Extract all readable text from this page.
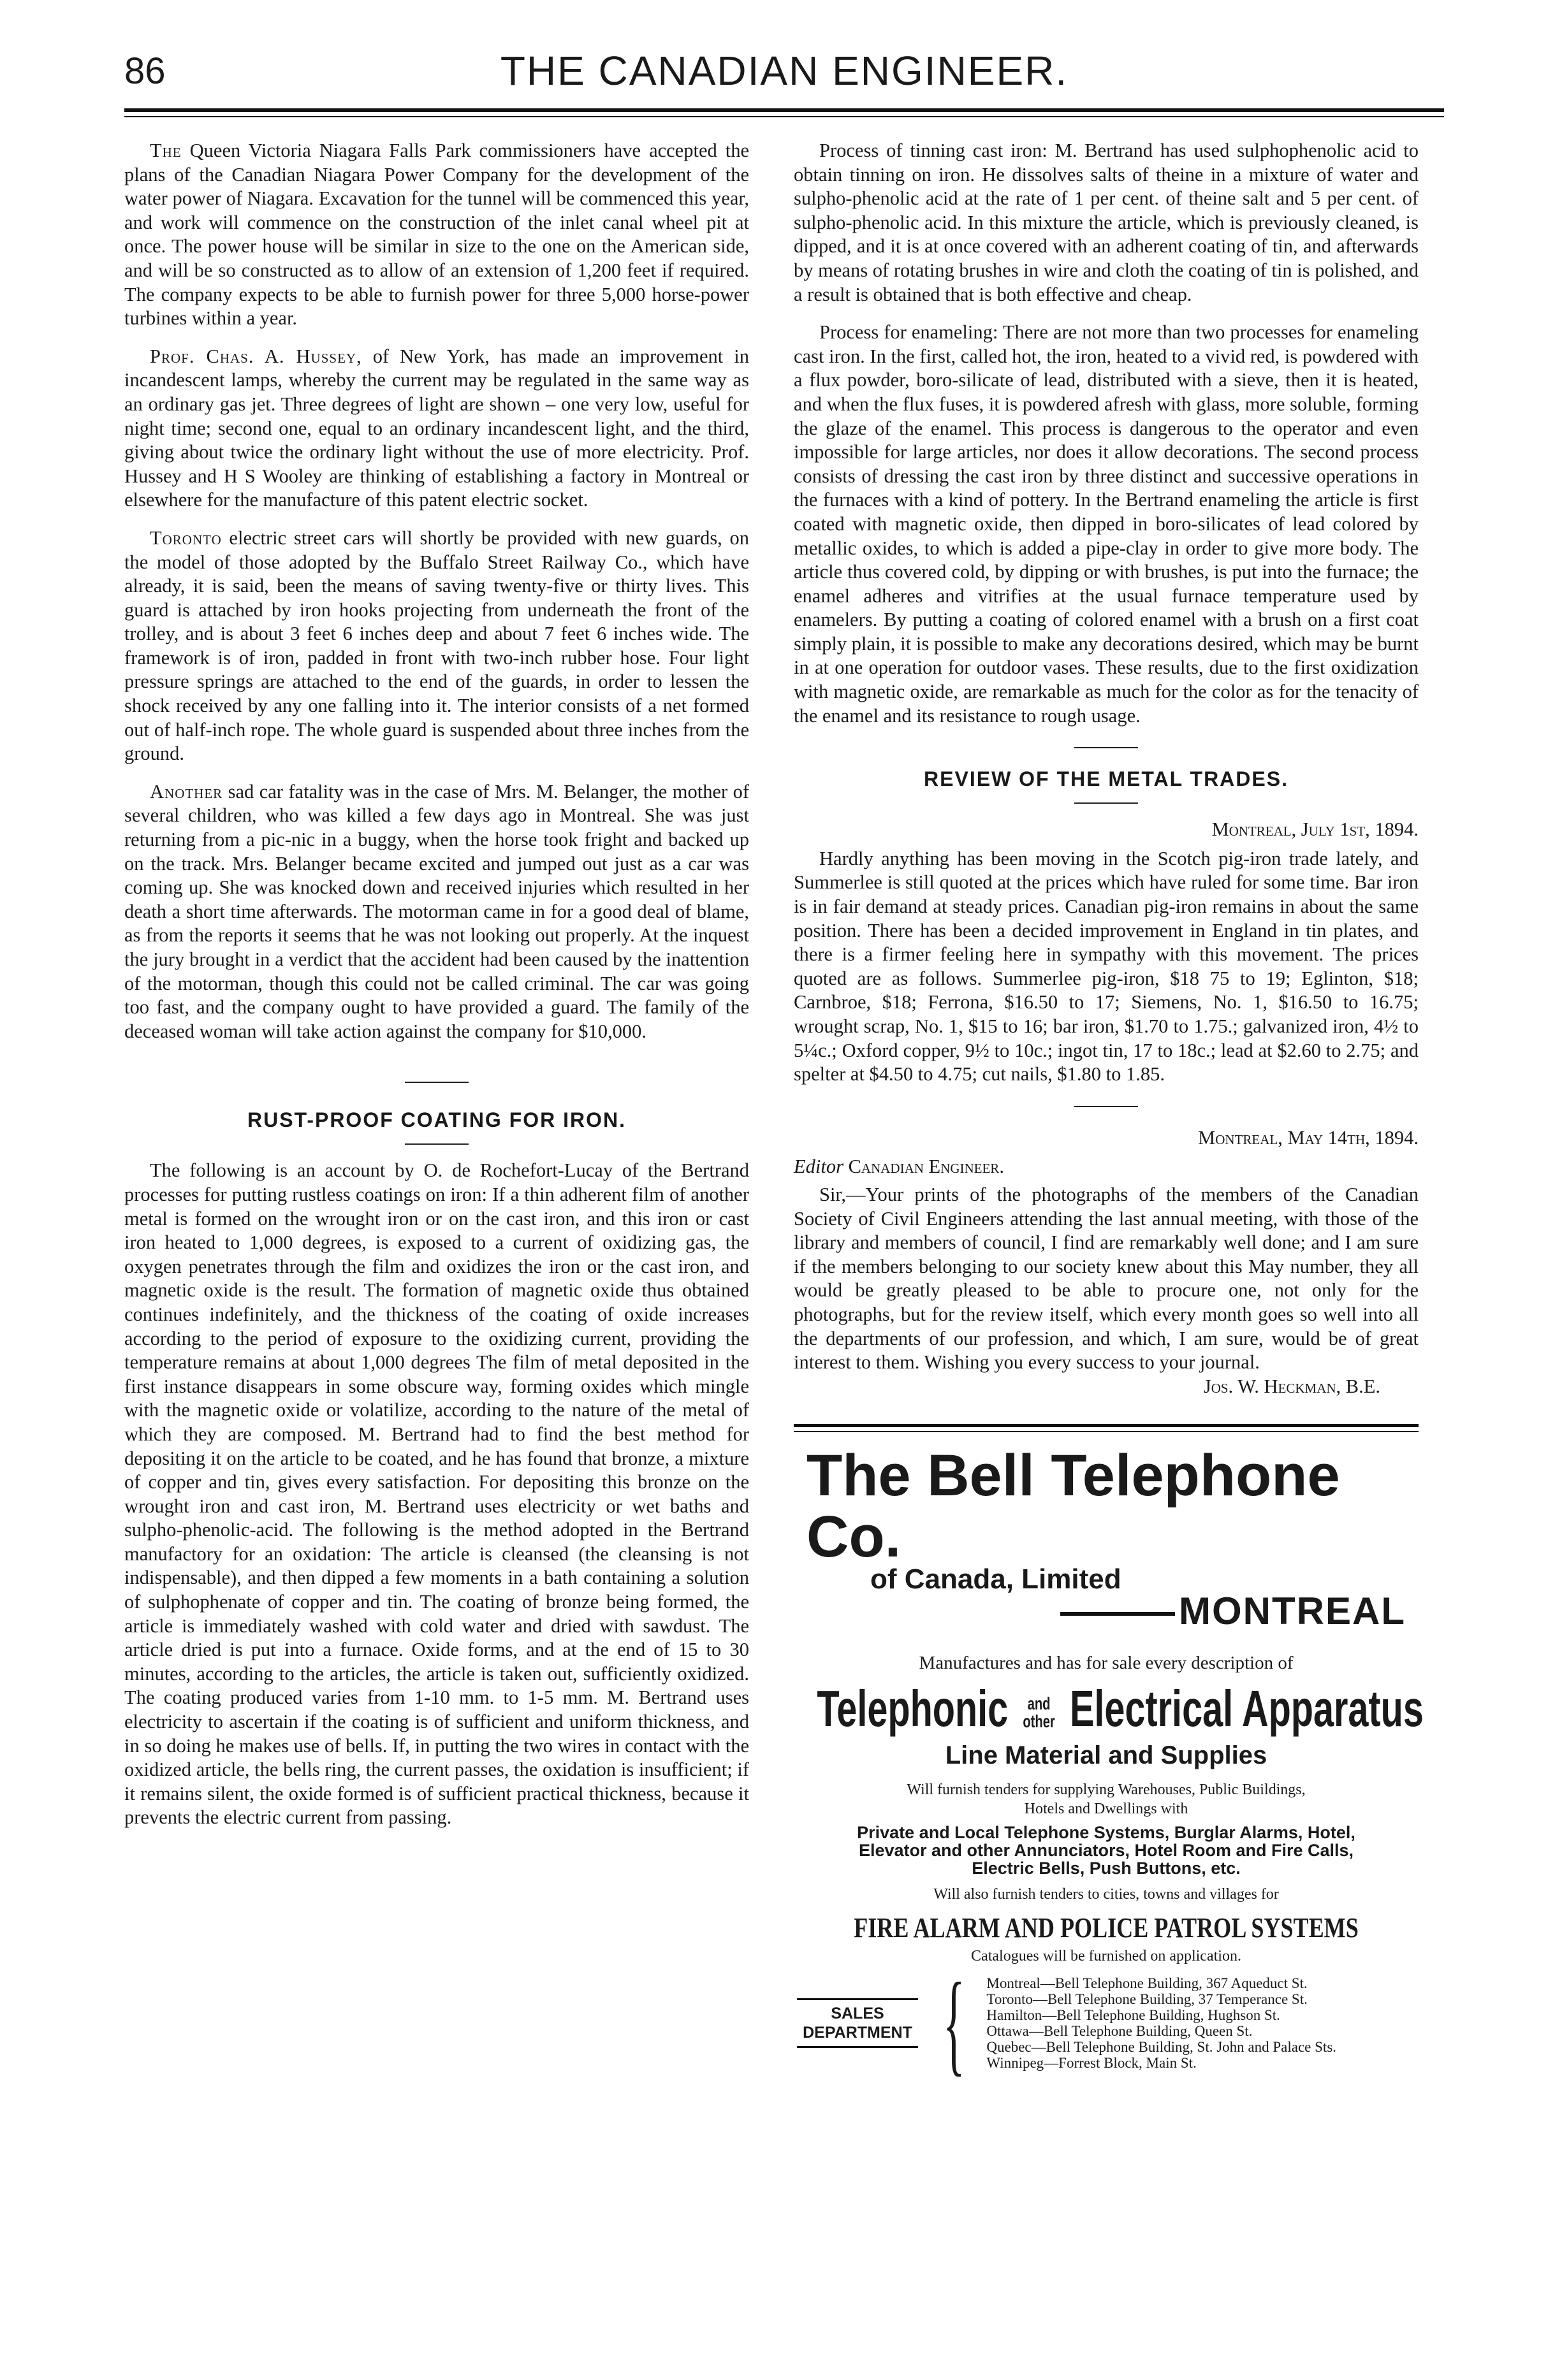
86	THE CANADIAN ENGINEER.

The Queen Victoria Niagara Falls Park commissioners have accepted the plans of the Canadian Niagara Power Company for the development of the water power of Niagara. Excavation for the tunnel will be commenced this year, and work will commence on the construction of the inlet canal wheel pit at once. The power house will be similar in size to the one on the American side, and will be so constructed as to allow of an extension of 1,200 feet if required. The company expects to be able to furnish power for three 5,000 horse-power turbines within a year.

Prof. Chas. A. Hussey, of New York, has made an improvement in incandescent lamps, whereby the current may be regulated in the same way as an ordinary gas jet. Three degrees of light are shown – one very low, useful for night time; second one, equal to an ordinary incandescent light, and the third, giving about twice the ordinary light without the use of more electricity. Prof. Hussey and H S Wooley are thinking of establishing a factory in Montreal or elsewhere for the manufacture of this patent electric socket.

Toronto electric street cars will shortly be provided with new guards, on the model of those adopted by the Buffalo Street Railway Co., which have already, it is said, been the means of saving twenty-five or thirty lives. This guard is attached by iron hooks projecting from underneath the front of the trolley, and is about 3 feet 6 inches deep and about 7 feet 6 inches wide. The framework is of iron, padded in front with two-inch rubber hose. Four light pressure springs are attached to the end of the guards, in order to lessen the shock received by any one falling into it. The interior consists of a net formed out of half-inch rope. The whole guard is suspended about three inches from the ground.

Another sad car fatality was in the case of Mrs. M. Belanger, the mother of several children, who was killed a few days ago in Montreal. She was just returning from a pic-nic in a buggy, when the horse took fright and backed up on the track. Mrs. Belanger became excited and jumped out just as a car was coming up. She was knocked down and received injuries which resulted in her death a short time afterwards. The motorman came in for a good deal of blame, as from the reports it seems that he was not looking out properly. At the inquest the jury brought in a verdict that the accident had been caused by the inattention of the motorman, though this could not be called criminal. The car was going too fast, and the company ought to have provided a guard. The family of the deceased woman will take action against the company for $10,000.

RUST-PROOF COATING FOR IRON.

The following is an account by O. de Rochefort-Lucay of the Bertrand processes for putting rustless coatings on iron: If a thin adherent film of another metal is formed on the wrought iron or on the cast iron, and this iron or cast iron heated to 1,000 degrees, is exposed to a current of oxidizing gas, the oxygen penetrates through the film and oxidizes the iron or the cast iron, and magnetic oxide is the result. The formation of magnetic oxide thus obtained continues indefinitely, and the thickness of the coating of oxide increases according to the period of exposure to the oxidizing current, providing the temperature remains at about 1,000 degrees The film of metal deposited in the first instance disappears in some obscure way, forming oxides which mingle with the magnetic oxide or volatilize, according to the nature of the metal of which they are composed. M. Bertrand had to find the best method for depositing it on the article to be coated, and he has found that bronze, a mixture of copper and tin, gives every satisfaction. For depositing this bronze on the wrought iron and cast iron, M. Bertrand uses electricity or wet baths and sulpho-phenolic-acid. The following is the method adopted in the Bertrand manufactory for an oxidation: The article is cleansed (the cleansing is not indispensable), and then dipped a few moments in a bath containing a solution of sulphophenate of copper and tin. The coating of bronze being formed, the article is immediately washed with cold water and dried with sawdust. The article dried is put into a furnace. Oxide forms, and at the end of 15 to 30 minutes, according to the articles, the article is taken out, sufficiently oxidized. The coating produced varies from 1-10 mm. to 1-5 mm. M. Bertrand uses electricity to ascertain if the coating is of sufficient and uniform thickness, and in so doing he makes use of bells. If, in putting the two wires in contact with the oxidized article, the bells ring, the current passes, the oxidation is insufficient; if it remains silent, the oxide formed is of sufficient practical thickness, because it prevents the electric current from passing.

Process of tinning cast iron: M. Bertrand has used sulphophenolic acid to obtain tinning on iron. He dissolves salts of theine in a mixture of water and sulpho-phenolic acid at the rate of 1 per cent. of theine salt and 5 per cent. of sulpho-phenolic acid. In this mixture the article, which is previously cleaned, is dipped, and it is at once covered with an adherent coating of tin, and afterwards by means of rotating brushes in wire and cloth the coating of tin is polished, and a result is obtained that is both effective and cheap.

Process for enameling: There are not more than two processes for enameling cast iron. In the first, called hot, the iron, heated to a vivid red, is powdered with a flux powder, boro-silicate of lead, distributed with a sieve, then it is heated, and when the flux fuses, it is powdered afresh with glass, more soluble, forming the glaze of the enamel. This process is dangerous to the operator and even impossible for large articles, nor does it allow decorations. The second process consists of dressing the cast iron by three distinct and successive operations in the furnaces with a kind of pottery. In the Bertrand enameling the article is first coated with magnetic oxide, then dipped in boro-silicates of lead colored by metallic oxides, to which is added a pipe-clay in order to give more body. The article thus covered cold, by dipping or with brushes, is put into the furnace; the enamel adheres and vitrifies at the usual furnace temperature used by enamelers. By putting a coating of colored enamel with a brush on a first coat simply plain, it is possible to make any decorations desired, which may be burnt in at one operation for outdoor vases. These results, due to the first oxidization with magnetic oxide, are remarkable as much for the color as for the tenacity of the enamel and its resistance to rough usage.

REVIEW OF THE METAL TRADES.
Montreal, July 1st, 1894.

Hardly anything has been moving in the Scotch pig-iron trade lately, and Summerlee is still quoted at the prices which have ruled for some time. Bar iron is in fair demand at steady prices. Canadian pig-iron remains in about the same position. There has been a decided improvement in England in tin plates, and there is a firmer feeling here in sympathy with this movement. The prices quoted are as follows. Summerlee pig-iron, $18 75 to 19; Eglinton, $18; Carnbroe, $18; Ferrona, $16.50 to 17; Siemens, No. 1, $16.50 to 16.75; wrought scrap, No. 1, $15 to 16; bar iron, $1.70 to 1.75.; galvanized iron, 4½ to 5¼c.; Oxford copper, 9½ to 10c.; ingot tin, 17 to 18c.; lead at $2.60 to 2.75; and spelter at $4.50 to 4.75; cut nails, $1.80 to 1.85.

Montreal, May 14th, 1894.

Editor Canadian Engineer.

Sir,—Your prints of the photographs of the members of the Canadian Society of Civil Engineers attending the last annual meeting, with those of the library and members of council, I find are remarkably well done; and I am sure if the members belonging to our society knew about this May number, they all would be greatly pleased to be able to procure one, not only for the photographs, but for the review itself, which every month goes so well into all the departments of our profession, and which, I am sure, would be of great interest to them. Wishing you every success to your journal.

Jos. W. Heckman, B.E.
The Bell Telephone Co.
of Canada, Limited
MONTREAL
Manufactures and has for sale every description of
Telephonic and
other Electrical Apparatus
Line Material and Supplies
Will furnish tenders for supplying Warehouses, Public Buildings,
Hotels and Dwellings with
Private and Local Telephone Systems, Burglar Alarms, Hotel, Elevator and other Annunciators, Hotel Room and Fire Calls, Electric Bells, Push Buttons, etc.
Will also furnish tenders to cities, towns and villages for
FIRE ALARM AND POLICE PATROL SYSTEMS
Catalogues will be furnished on application.
SALES
DEPARTMENT { Montreal—Bell Telephone Building, 367 Aqueduct St.
Toronto—Bell Telephone Building, 37 Temperance St.
Hamilton—Bell Telephone Building, Hughson St.
Ottawa—Bell Telephone Building, Queen St.
Quebec—Bell Telephone Building, St. John and Palace Sts.
Winnipeg—Forrest Block, Main St.
